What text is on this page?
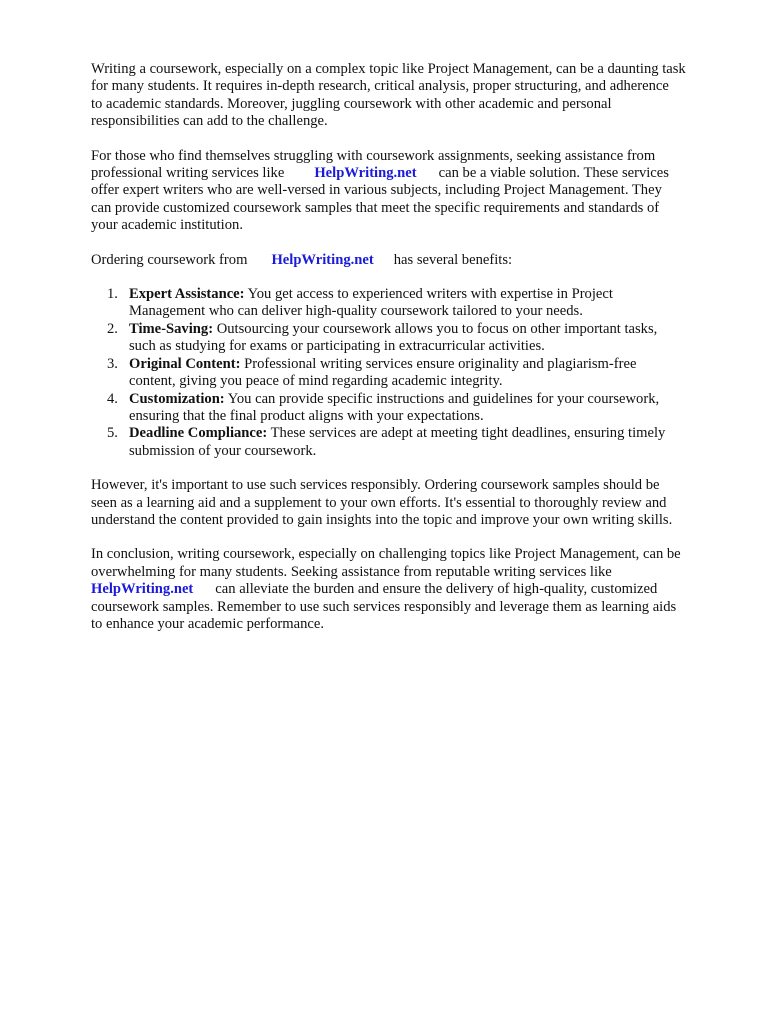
Writing a coursework, especially on a complex topic like Project Management, can be a daunting task
for many students. It requires in-depth research, critical analysis, proper structuring, and adherence
to academic standards. Moreover, juggling coursework with other academic and personal
responsibilities can add to the challenge.

For those who find themselves struggling with coursework assignments, seeking assistance from
professional writing services like HelpWriting.net can be a viable solution. These services
offer expert writers who are well-versed in various subjects, including Project Management. They
can provide customized coursework samples that meet the specific requirements and standards of
your academic institution.

Ordering coursework from HelpWriting.net has several benefits:

1. Expert Assistance: You get access to experienced writers with expertise in Project
Management who can deliver high-quality coursework tailored to your needs.
2. Time-Saving: Outsourcing your coursework allows you to focus on other important tasks,
such as studying for exams or participating in extracurricular activities.
3. Original Content: Professional writing services ensure originality and plagiarism-free
content, giving you peace of mind regarding academic integrity.
4. Customization: You can provide specific instructions and guidelines for your coursework,
ensuring that the final product aligns with your expectations.
5. Deadline Compliance: These services are adept at meeting tight deadlines, ensuring timely
submission of your coursework.

However, it's important to use such services responsibly. Ordering coursework samples should be
seen as a learning aid and a supplement to your own efforts. It's essential to thoroughly review and
understand the content provided to gain insights into the topic and improve your own writing skills.

In conclusion, writing coursework, especially on challenging topics like Project Management, can be
overwhelming for many students. Seeking assistance from reputable writing services like
HelpWriting.net can alleviate the burden and ensure the delivery of high-quality, customized
coursework samples. Remember to use such services responsibly and leverage them as learning aids
to enhance your academic performance.
